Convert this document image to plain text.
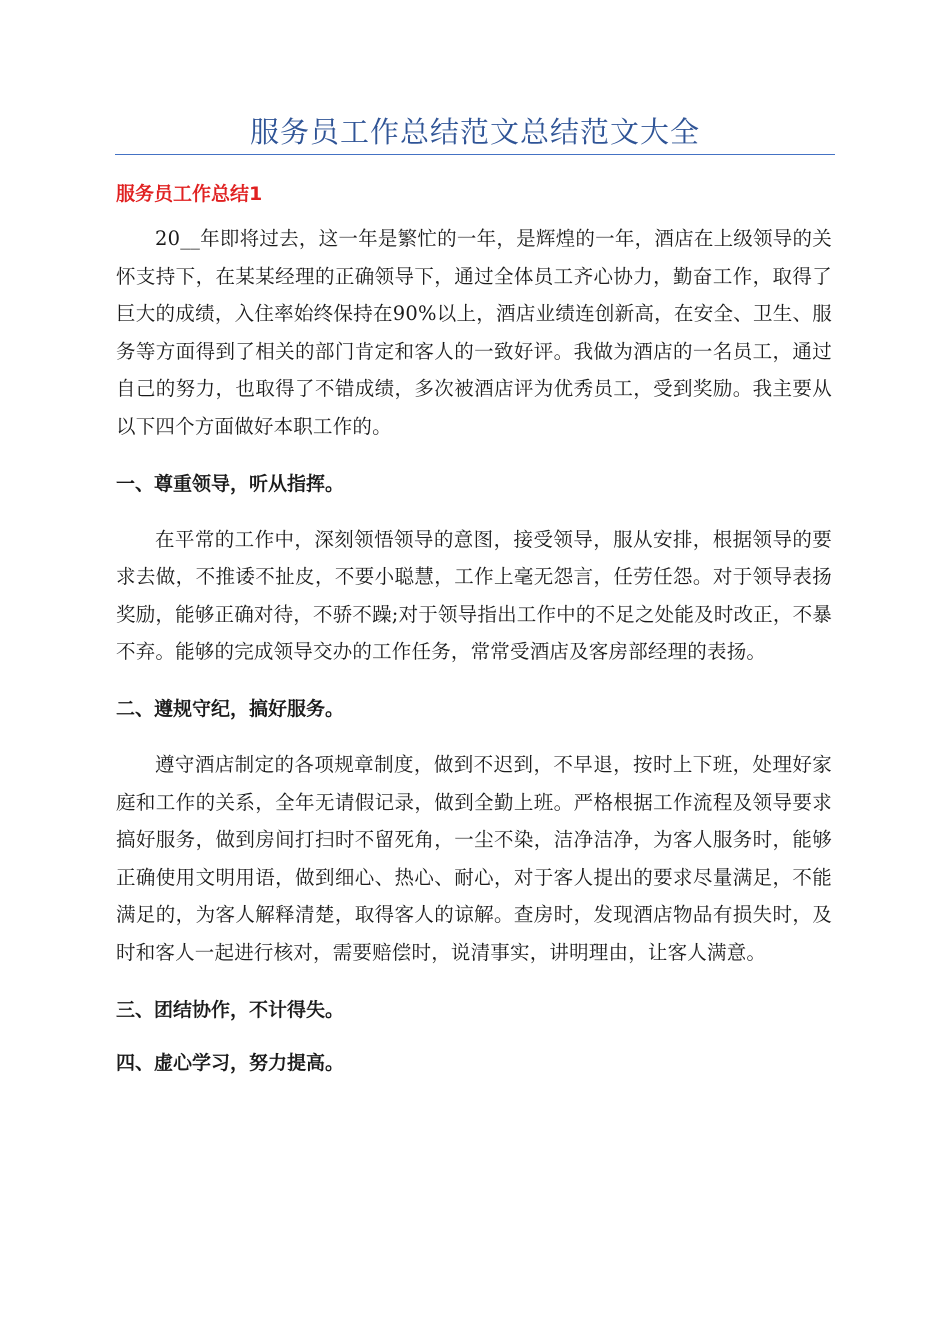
服务员工作总结范文总结范文大全

服务员工作总结1

20__年即将过去，这一年是繁忙的一年，是辉煌的一年，酒店在上级领导的关怀支持下，在某某经理的正确领导下，通过全体员工齐心协力，勤奋工作，取得了巨大的成绩，入住率始终保持在90%以上，酒店业绩连创新高，在安全、卫生、服务等方面得到了相关的部门肯定和客人的一致好评。我做为酒店的一名员工，通过自己的努力，也取得了不错成绩，多次被酒店评为优秀员工，受到奖励。我主要从以下四个方面做好本职工作的。

一、尊重领导，听从指挥。

在平常的工作中，深刻领悟领导的意图，接受领导，服从安排，根据领导的要求去做，不推诿不扯皮，不要小聪慧，工作上毫无怨言，任劳任怨。对于领导表扬奖励，能够正确对待，不骄不躁;对于领导指出工作中的不足之处能及时改正，不暴不弃。能够的完成领导交办的工作任务，常常受酒店及客房部经理的表扬。

二、遵规守纪，搞好服务。

遵守酒店制定的各项规章制度，做到不迟到，不早退，按时上下班，处理好家庭和工作的关系，全年无请假记录，做到全勤上班。严格根据工作流程及领导要求搞好服务，做到房间打扫时不留死角，一尘不染，洁净洁净，为客人服务时，能够正确使用文明用语，做到细心、热心、耐心，对于客人提出的要求尽量满足，不能满足的，为客人解释清楚，取得客人的谅解。查房时，发现酒店物品有损失时，及时和客人一起进行核对，需要赔偿时，说清事实，讲明理由，让客人满意。

三、团结协作，不计得失。

四、虚心学习，努力提高。
